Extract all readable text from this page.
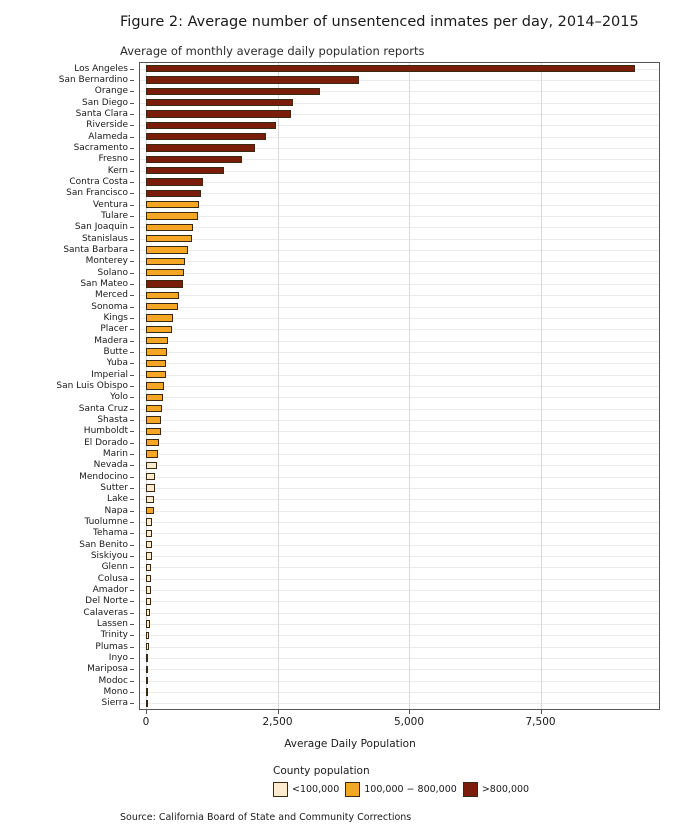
Figure 2: Average number of unsentenced inmates per day, 2014–2015
Average of monthly average daily population reports
Los Angeles
San Bernardino
Orange
San Diego
Santa Clara
Riverside
Alameda
Sacramento
Fresno
Kern
Contra Costa
San Francisco
Ventura
Tulare
San Joaquin
Stanislaus
Santa Barbara
Monterey
Solano
San Mateo
Merced
Sonoma
Kings
Placer
Madera
Butte
Yuba
Imperial
San Luis Obispo
Yolo
Santa Cruz
Shasta
Humboldt
El Dorado
Marin
Nevada
Mendocino
Sutter
Lake
Napa
Tuolumne
Tehama
San Benito
Siskiyou
Glenn
Colusa
Amador
Del Norte
Calaveras
Lassen
Trinity
Plumas
Inyo
Mariposa
Modoc
Mono
Sierra
0	2,500	5,000	7,500
Average Daily Population
County population
<100,000	100,000 − 800,000	>800,000
Source: California Board of State and Community Corrections
